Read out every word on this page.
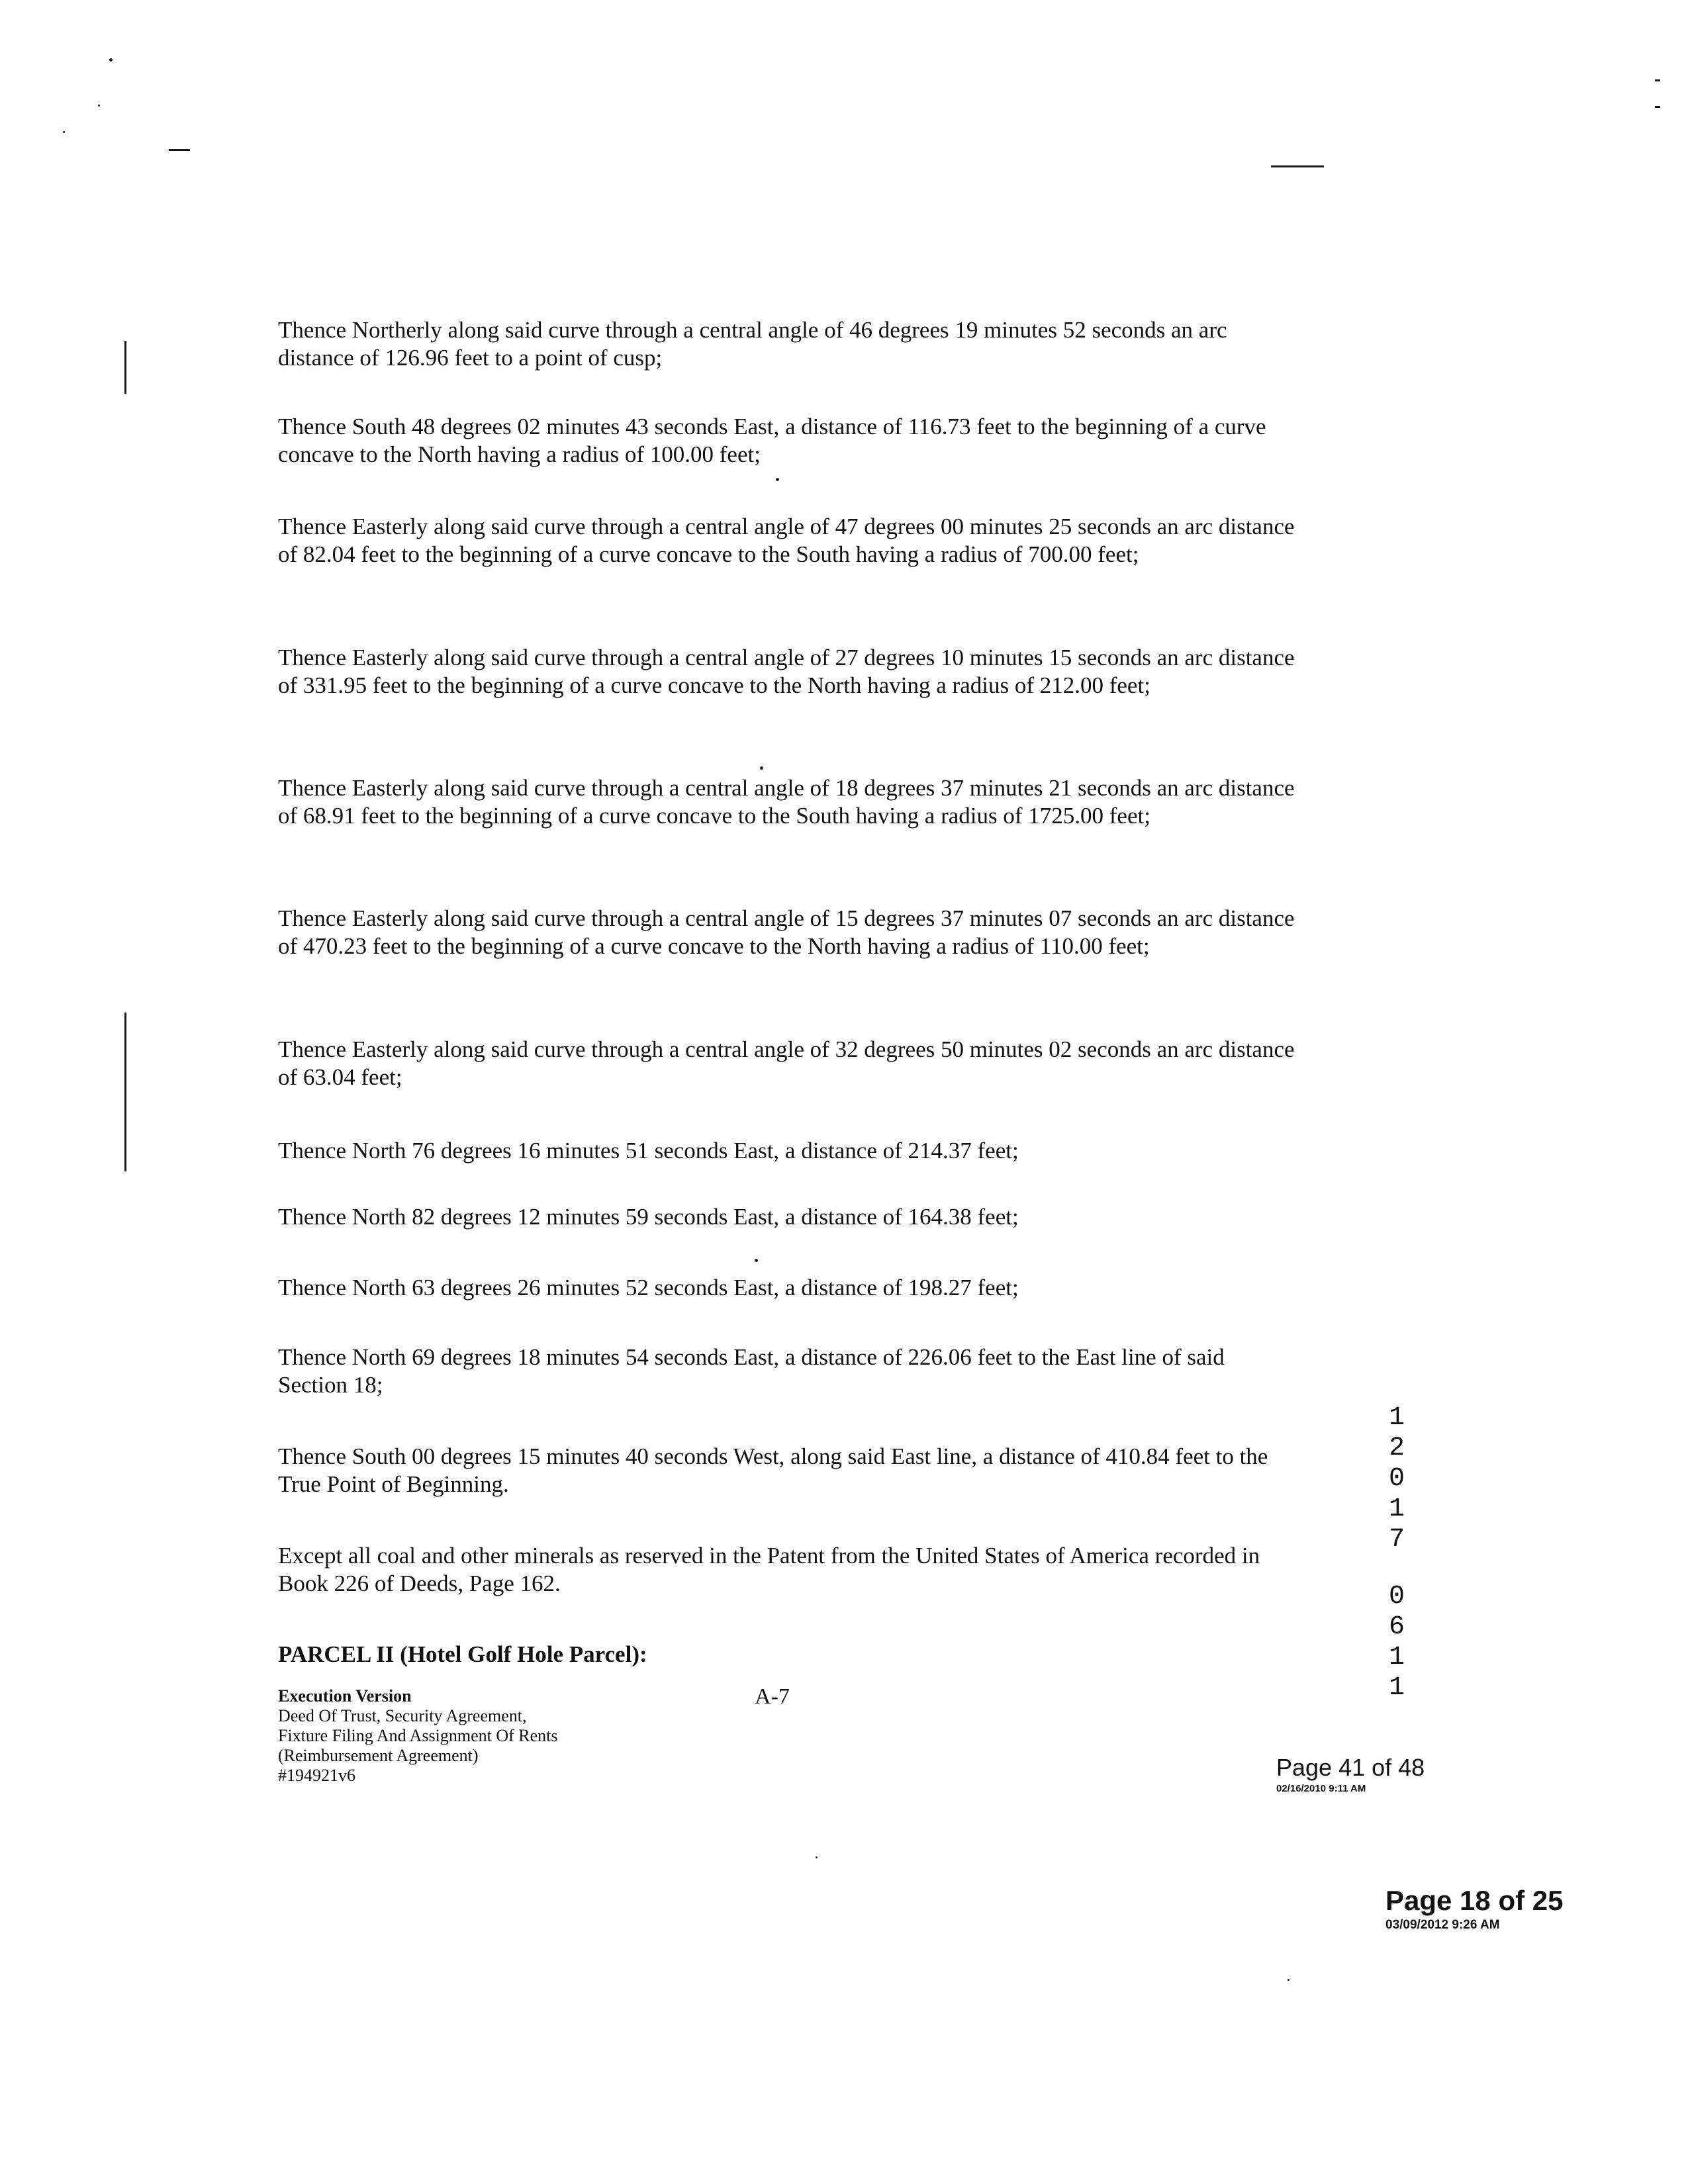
Thence Northerly along said curve through a central angle of 46 degrees 19 minutes 52 seconds an arc distance of 126.96 feet to a point of cusp;

Thence South 48 degrees 02 minutes 43 seconds East, a distance of 116.73 feet to the beginning of a curve concave to the North having a radius of 100.00 feet;

Thence Easterly along said curve through a central angle of 47 degrees 00 minutes 25 seconds an arc distance of 82.04 feet to the beginning of a curve concave to the South having a radius of 700.00 feet;

Thence Easterly along said curve through a central angle of 27 degrees 10 minutes 15 seconds an arc distance of 331.95 feet to the beginning of a curve concave to the North having a radius of 212.00 feet;

Thence Easterly along said curve through a central angle of 18 degrees 37 minutes 21 seconds an arc distance of 68.91 feet to the beginning of a curve concave to the South having a radius of 1725.00 feet;

Thence Easterly along said curve through a central angle of 15 degrees 37 minutes 07 seconds an arc distance of 470.23 feet to the beginning of a curve concave to the North having a radius of 110.00 feet;

Thence Easterly along said curve through a central angle of 32 degrees 50 minutes 02 seconds an arc distance of 63.04 feet;

Thence North 76 degrees 16 minutes 51 seconds East, a distance of 214.37 feet;

Thence North 82 degrees 12 minutes 59 seconds East, a distance of 164.38 feet;

Thence North 63 degrees 26 minutes 52 seconds East, a distance of 198.27 feet;

Thence North 69 degrees 18 minutes 54 seconds East, a distance of 226.06 feet to the East line of said Section 18;

Thence South 00 degrees 15 minutes 40 seconds West, along said East line, a distance of 410.84 feet to the True Point of Beginning.

Except all coal and other minerals as reserved in the Patent from the United States of America recorded in Book 226 of Deeds, Page 162.

PARCEL II (Hotel Golf Hole Parcel):
Execution Version
Deed Of Trust, Security Agreement,
Fixture Filing And Assignment Of Rents
(Reimbursement Agreement)
#194921v6
A-7
1
2
0
1
7
0
6
1
1
Page 41 of 48
02/16/2010 9:11 AM
Page 18 of 25
03/09/2012 9:26 AM
